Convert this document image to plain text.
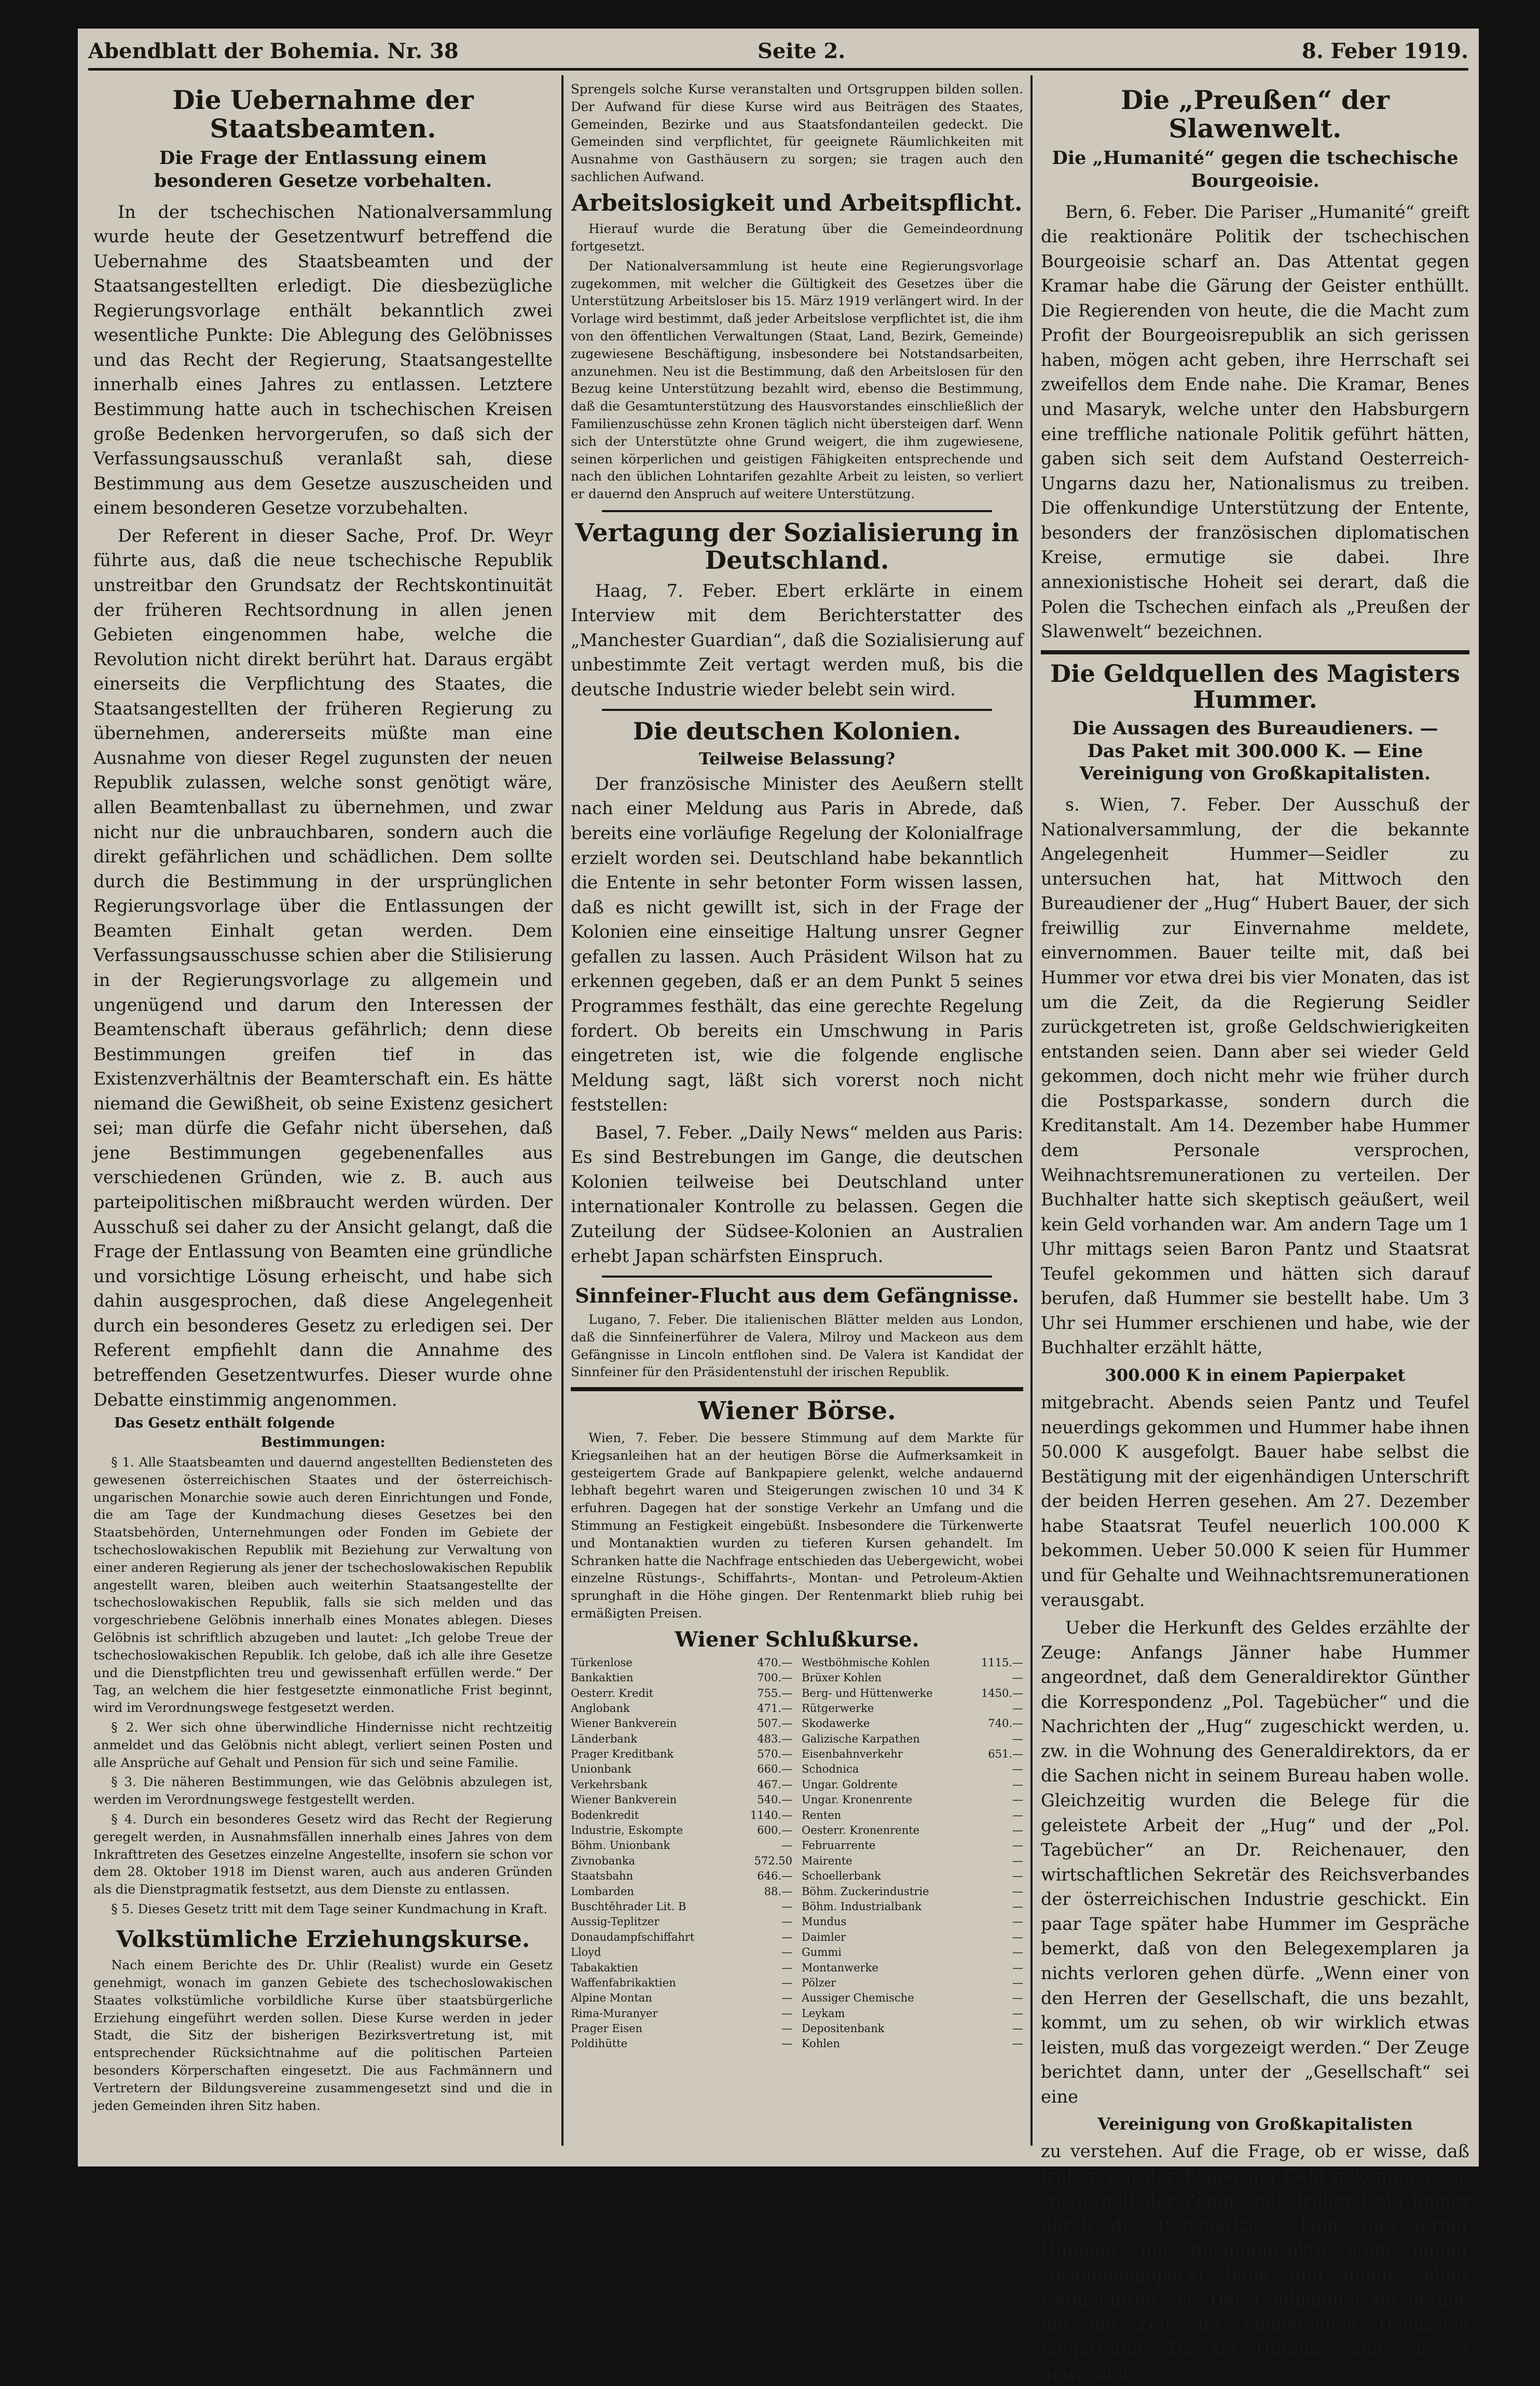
Abendblatt der Bohemia. Nr. 38	Seite 2.	8. Feber 1919.
Die Uebernahme der Staatsbeamten.
Die Frage der Entlassung einem besonderen Gesetze vorbehalten.

In der tschechischen Nationalversammlung wurde heute der Gesetzentwurf betreffend die Uebernahme des Staatsbeamten und der Staatsangestellten erledigt. Die diesbezügliche Regierungsvorlage enthält bekanntlich zwei wesentliche Punkte: Die Ablegung des Gelöbnisses und das Recht der Regierung, Staatsangestellte innerhalb eines Jahres zu entlassen. Letztere Bestimmung hatte auch in tschechischen Kreisen große Bedenken hervorgerufen, so daß sich der Verfassungsausschuß veranlaßt sah, diese Bestimmung aus dem Gesetze auszuscheiden und einem besonderen Gesetze vorzubehalten.

Der Referent in dieser Sache, Prof. Dr. Weyr führte aus, daß die neue tschechische Republik unstreitbar den Grundsatz der Rechtskontinuität der früheren Rechtsordnung in allen jenen Gebieten eingenommen habe, welche die Revolution nicht direkt berührt hat. Daraus ergäbt einerseits die Verpflichtung des Staates, die Staatsangestellten der früheren Regierung zu übernehmen, andererseits müßte man eine Ausnahme von dieser Regel zugunsten der neuen Republik zulassen, welche sonst genötigt wäre, allen Beamtenballast zu übernehmen, und zwar nicht nur die unbrauchbaren, sondern auch die direkt gefährlichen und schädlichen. Dem sollte durch die Bestimmung in der ursprünglichen Regierungsvorlage über die Entlassungen der Beamten Einhalt getan werden. Dem Verfassungsausschusse schien aber die Stilisierung in der Regierungsvorlage zu allgemein und ungenügend und darum den Interessen der Beamtenschaft überaus gefährlich; denn diese Bestimmungen greifen tief in das Existenzverhältnis der Beamterschaft ein. Es hätte niemand die Gewißheit, ob seine Existenz gesichert sei; man dürfe die Gefahr nicht übersehen, daß jene Bestimmungen gegebenenfalles aus verschiedenen Gründen, wie z. B. auch aus parteipolitischen mißbraucht werden würden. Der Ausschuß sei daher zu der Ansicht gelangt, daß die Frage der Entlassung von Beamten eine gründliche und vorsichtige Lösung erheischt, und habe sich dahin ausgesprochen, daß diese Angelegenheit durch ein besonderes Gesetz zu erledigen sei. Der Referent empfiehlt dann die Annahme des betreffenden Gesetzentwurfes. Dieser wurde ohne Debatte einstimmig angenommen.

Das Gesetz enthält folgende
Bestimmungen:

§ 1. Alle Staatsbeamten und dauernd angestellten Bediensteten des gewesenen österreichischen Staates und der österreichisch-ungarischen Monarchie sowie auch deren Einrichtungen und Fonde, die am Tage der Kundmachung dieses Gesetzes bei den Staatsbehörden, Unternehmungen oder Fonden im Gebiete der tschechoslowakischen Republik mit Beziehung zur Verwaltung von einer anderen Regierung als jener der tschechoslowakischen Republik angestellt waren, bleiben auch weiterhin Staatsangestellte der tschechoslowakischen Republik, falls sie sich melden und das vorgeschriebene Gelöbnis innerhalb eines Monates ablegen. Dieses Gelöbnis ist schriftlich abzugeben und lautet: „Ich gelobe Treue der tschechoslowakischen Republik. Ich gelobe, daß ich alle ihre Gesetze und die Dienstpflichten treu und gewissenhaft erfüllen werde.“ Der Tag, an welchem die hier festgesetzte einmonatliche Frist beginnt, wird im Verordnungswege festgesetzt werden.

§ 2. Wer sich ohne überwindliche Hindernisse nicht rechtzeitig anmeldet und das Gelöbnis nicht ablegt, verliert seinen Posten und alle Ansprüche auf Gehalt und Pension für sich und seine Familie.

§ 3. Die näheren Bestimmungen, wie das Gelöbnis abzulegen ist, werden im Verordnungswege festgestellt werden.

§ 4. Durch ein besonderes Gesetz wird das Recht der Regierung geregelt werden, in Ausnahmsfällen innerhalb eines Jahres von dem Inkrafttreten des Gesetzes einzelne Angestellte, insofern sie schon vor dem 28. Oktober 1918 im Dienst waren, auch aus anderen Gründen als die Dienstpragmatik festsetzt, aus dem Dienste zu entlassen.

§ 5. Dieses Gesetz tritt mit dem Tage seiner Kundmachung in Kraft.

Volkstümliche Erziehungskurse.

Nach einem Berichte des Dr. Uhlir (Realist) wurde ein Gesetz genehmigt, wonach im ganzen Gebiete des tschechoslowakischen Staates volkstümliche vorbildliche Kurse über staatsbürgerliche Erziehung eingeführt werden sollen. Diese Kurse werden in jeder Stadt, die Sitz der bisherigen Bezirksvertretung ist, mit entsprechender Rücksichtnahme auf die politischen Parteien besonders Körperschaften eingesetzt. Die aus Fachmännern und Vertretern der Bildungsvereine zusammengesetzt sind und die in jeden Gemeinden ihren Sitz haben.

Sprengels solche Kurse veranstalten und Ortsgruppen bilden sollen. Der Aufwand für diese Kurse wird aus Beiträgen des Staates, Gemeinden, Bezirke und aus Staatsfondanteilen gedeckt. Die Gemeinden sind verpflichtet, für geeignete Räumlichkeiten mit Ausnahme von Gasthäusern zu sorgen; sie tragen auch den sachlichen Aufwand.

Arbeitslosigkeit und Arbeitspflicht.

Hierauf wurde die Beratung über die Gemeindeordnung fortgesetzt.

Der Nationalversammlung ist heute eine Regierungsvorlage zugekommen, mit welcher die Gültigkeit des Gesetzes über die Unterstützung Arbeitsloser bis 15. März 1919 verlängert wird. In der Vorlage wird bestimmt, daß jeder Arbeitslose verpflichtet ist, die ihm von den öffentlichen Verwaltungen (Staat, Land, Bezirk, Gemeinde) zugewiesene Beschäftigung, insbesondere bei Notstandsarbeiten, anzunehmen. Neu ist die Bestimmung, daß den Arbeitslosen für den Bezug keine Unterstützung bezahlt wird, ebenso die Bestimmung, daß die Gesamtunterstützung des Hausvorstandes einschließlich der Familienzuschüsse zehn Kronen täglich nicht übersteigen darf. Wenn sich der Unterstützte ohne Grund weigert, die ihm zugewiesene, seinen körperlichen und geistigen Fähigkeiten entsprechende und nach den üblichen Lohntarifen gezahlte Arbeit zu leisten, so verliert er dauernd den Anspruch auf weitere Unterstützung.

Vertagung der Sozialisierung in Deutschland.

Haag, 7. Feber. Ebert erklärte in einem Interview mit dem Berichterstatter des „Manchester Guardian“, daß die Sozialisierung auf unbestimmte Zeit vertagt werden muß, bis die deutsche Industrie wieder belebt sein wird.

Die deutschen Kolonien.
Teilweise Belassung?

Der französische Minister des Aeußern stellt nach einer Meldung aus Paris in Abrede, daß bereits eine vorläufige Regelung der Kolonialfrage erzielt worden sei. Deutschland habe bekanntlich die Entente in sehr betonter Form wissen lassen, daß es nicht gewillt ist, sich in der Frage der Kolonien eine einseitige Haltung unsrer Gegner gefallen zu lassen. Auch Präsident Wilson hat zu erkennen gegeben, daß er an dem Punkt 5 seines Programmes festhält, das eine gerechte Regelung fordert. Ob bereits ein Umschwung in Paris eingetreten ist, wie die folgende englische Meldung sagt, läßt sich vorerst noch nicht feststellen:

Basel, 7. Feber. „Daily News“ melden aus Paris: Es sind Bestrebungen im Gange, die deutschen Kolonien teilweise bei Deutschland unter internationaler Kontrolle zu belassen. Gegen die Zuteilung der Südsee-Kolonien an Australien erhebt Japan schärfsten Einspruch.

Sinnfeiner-Flucht aus dem Gefängnisse.

Lugano, 7. Feber. Die italienischen Blätter melden aus London, daß die Sinnfeinerführer de Valera, Milroy und Mackeon aus dem Gefängnisse in Lincoln entflohen sind. De Valera ist Kandidat der Sinnfeiner für den Präsidentenstuhl der irischen Republik.

Wiener Börse.

Wien, 7. Feber. Die bessere Stimmung auf dem Markte für Kriegsanleihen hat an der heutigen Börse die Aufmerksamkeit in gesteigertem Grade auf Bankpapiere gelenkt, welche andauernd lebhaft begehrt waren und Steigerungen zwischen 10 und 34 K erfuhren. Dagegen hat der sonstige Verkehr an Umfang und die Stimmung an Festigkeit eingebüßt. Insbesondere die Türkenwerte und Montanaktien wurden zu tieferen Kursen gehandelt. Im Schranken hatte die Nachfrage entschieden das Uebergewicht, wobei einzelne Rüstungs-, Schiffahrts-, Montan- und Petroleum-Aktien sprunghaft in die Höhe gingen. Der Rentenmarkt blieb ruhig bei ermäßigten Preisen.

Wiener Schlußkurse.
Türkenlose	470.—
Bankaktien	700.—
Oesterr. Kredit	755.—
Anglobank	471.—
Wiener Bankverein	507.—
Länderbank	483.—
Prager Kreditbank	570.—
Unionbank	660.—
Verkehrsbank	467.—
Wiener Bankverein	540.—
Bodenkredit	1140.—
Industrie, Eskompte	600.—
Böhm. Unionbank	—
Zivnobanka	572.50
Staatsbahn	646.—
Lombarden	88.—
Buschtěhrader Lit. B	—
Aussig-Teplitzer	—
Donaudampfschiffahrt	—
Lloyd	—
Tabakaktien	—
Waffenfabrikaktien	—
Alpine Montan	—
Rima-Muranyer	—
Prager Eisen	—
Poldihütte	—
Westböhmische Kohlen	1115.—
Brüxer Kohlen	—
Berg- und Hüttenwerke	1450.—
Rütgerwerke	—
Skodawerke	740.—
Galizische Karpathen	—
Eisenbahnverkehr	651.—
Schodnica	—
Ungar. Goldrente	—
Ungar. Kronenrente	—
Renten	—
Oesterr. Kronenrente	—
Februarrente	—
Mairente	—
Schoellerbank	—
Böhm. Zuckerindustrie	—
Böhm. Industrialbank	—
Mundus	—
Daimler	—
Gummi	—
Montanwerke	—
Pölzer	—
Aussiger Chemische	—
Leykam	—
Depositenbank	—
Kohlen	—
Die „Preußen“ der Slawenwelt.
Die „Humanité“ gegen die tschechische Bourgeoisie.

Bern, 6. Feber. Die Pariser „Humanité“ greift die reaktionäre Politik der tschechischen Bourgeoisie scharf an. Das Attentat gegen Kramar habe die Gärung der Geister enthüllt. Die Regierenden von heute, die die Macht zum Profit der Bourgeoisrepublik an sich gerissen haben, mögen acht geben, ihre Herrschaft sei zweifellos dem Ende nahe. Die Kramar, Benes und Masaryk, welche unter den Habsburgern eine treffliche nationale Politik geführt hätten, gaben sich seit dem Aufstand Oesterreich-Ungarns dazu her, Nationalismus zu treiben. Die offenkundige Unterstützung der Entente, besonders der französischen diplomatischen Kreise, ermutige sie dabei. Ihre annexionistische Hoheit sei derart, daß die Polen die Tschechen einfach als „Preußen der Slawenwelt“ bezeichnen.

Die Geldquellen des Magisters Hummer.
Die Aussagen des Bureaudieners. — Das Paket mit 300.000 K. — Eine Vereinigung von Großkapitalisten.

s. Wien, 7. Feber. Der Ausschuß der Nationalversammlung, der die bekannte Angelegenheit Hummer—Seidler zu untersuchen hat, hat Mittwoch den Bureaudiener der „Hug“ Hubert Bauer, der sich freiwillig zur Einvernahme meldete, einvernommen. Bauer teilte mit, daß bei Hummer vor etwa drei bis vier Monaten, das ist um die Zeit, da die Regierung Seidler zurückgetreten ist, große Geldschwierigkeiten entstanden seien. Dann aber sei wieder Geld gekommen, doch nicht mehr wie früher durch die Postsparkasse, sondern durch die Kreditanstalt. Am 14. Dezember habe Hummer dem Personale versprochen, Weihnachtsremunerationen zu verteilen. Der Buchhalter hatte sich skeptisch geäußert, weil kein Geld vorhanden war. Am andern Tage um 1 Uhr mittags seien Baron Pantz und Staatsrat Teufel gekommen und hätten sich darauf berufen, daß Hummer sie bestellt habe. Um 3 Uhr sei Hummer erschienen und habe, wie der Buchhalter erzählt hätte,

300.000 K in einem Papierpaket

mitgebracht. Abends seien Pantz und Teufel neuerdings gekommen und Hummer habe ihnen 50.000 K ausgefolgt. Bauer habe selbst die Bestätigung mit der eigenhändigen Unterschrift der beiden Herren gesehen. Am 27. Dezember habe Staatsrat Teufel neuerlich 100.000 K bekommen. Ueber 50.000 K seien für Hummer und für Gehalte und Weihnachtsremunerationen verausgabt.

Ueber die Herkunft des Geldes erzählte der Zeuge: Anfangs Jänner habe Hummer angeordnet, daß dem Generaldirektor Günther die Korrespondenz „Pol. Tagebücher“ und die Nachrichten der „Hug“ zugeschickt werden, u. zw. in die Wohnung des Generaldirektors, da er die Sachen nicht in seinem Bureau haben wolle. Gleichzeitig wurden die Belege für die geleistete Arbeit der „Hug“ und der „Pol. Tagebücher“ an Dr. Reichenauer, den wirtschaftlichen Sekretär des Reichsverbandes der österreichischen Industrie geschickt. Ein paar Tage später habe Hummer im Gespräche bemerkt, daß von den Belegexemplaren ja nichts verloren gehen dürfe. „Wenn einer von den Herren der Gesellschaft, die uns bezahlt, kommt, um zu sehen, ob wir wirklich etwas leisten, muß das vorgezeigt werden.“ Der Zeuge berichtet dann, unter der „Gesellschaft“ sei eine

Vereinigung von Großkapitalisten

zu verstehen. Auf die Frage, ob er wisse, daß früher von der Regierung Geld gekommen sei, wiederholt der Zeuge, daß früher Geld immer durch die Postsparkasse kam, daß ferner Hummer die Rechnungsakte stets immer zusammengepackt habe und damit selber weggefahren sei. Der Geldmangel sei gerade um die Zeit der Seidlerschen Demission eingetreten. Da sei Hummer sehr nervös geworden.
